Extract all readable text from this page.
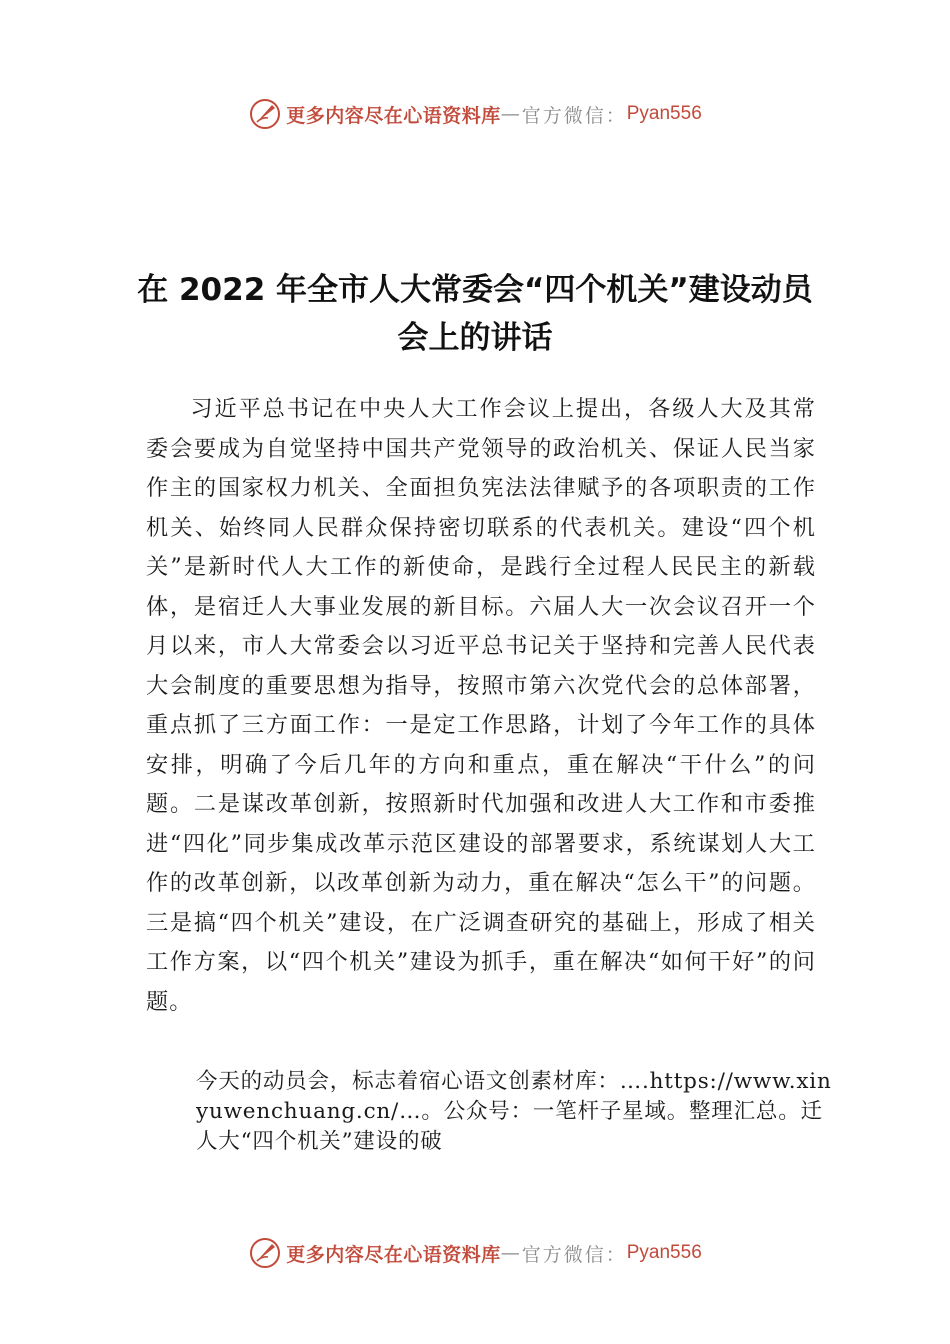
更多内容尽在心语资料库 — 官方微信： Pyan556
在 2022 年全市人大常委会“四个机关”建设动员会上的讲话

习近平总书记在中央人大工作会议上提出，各级人大及其常委会要成为自觉坚持中国共产党领导的政治机关、保证人民当家作主的国家权力机关、全面担负宪法法律赋予的各项职责的工作机关、始终同人民群众保持密切联系的代表机关。建设“四个机关”是新时代人大工作的新使命，是践行全过程人民民主的新载体，是宿迁人大事业发展的新目标。六届人大一次会议召开一个月以来，市人大常委会以习近平总书记关于坚持和完善人民代表大会制度的重要思想为指导，按照市第六次党代会的总体部署，重点抓了三方面工作：一是定工作思路，计划了今年工作的具体安排，明确了今后几年的方向和重点，重在解决“干什么”的问题。二是谋改革创新，按照新时代加强和改进人大工作和市委推进“四化”同步集成改革示范区建设的部署要求，系统谋划人大工作的改革创新，以改革创新为动力，重在解决“怎么干”的问题。三是搞“四个机关”建设，在广泛调查研究的基础上，形成了相关工作方案，以“四个机关”建设为抓手，重在解决“如何干好”的问题。

今天的动员会，标志着宿心语文创素材库：….https://www.xinyuwenchuang.cn/…。公众号：一笔杆子星域。整理汇总。迁人大“四个机关”建设的破
更多内容尽在心语资料库 — 官方微信： Pyan556
